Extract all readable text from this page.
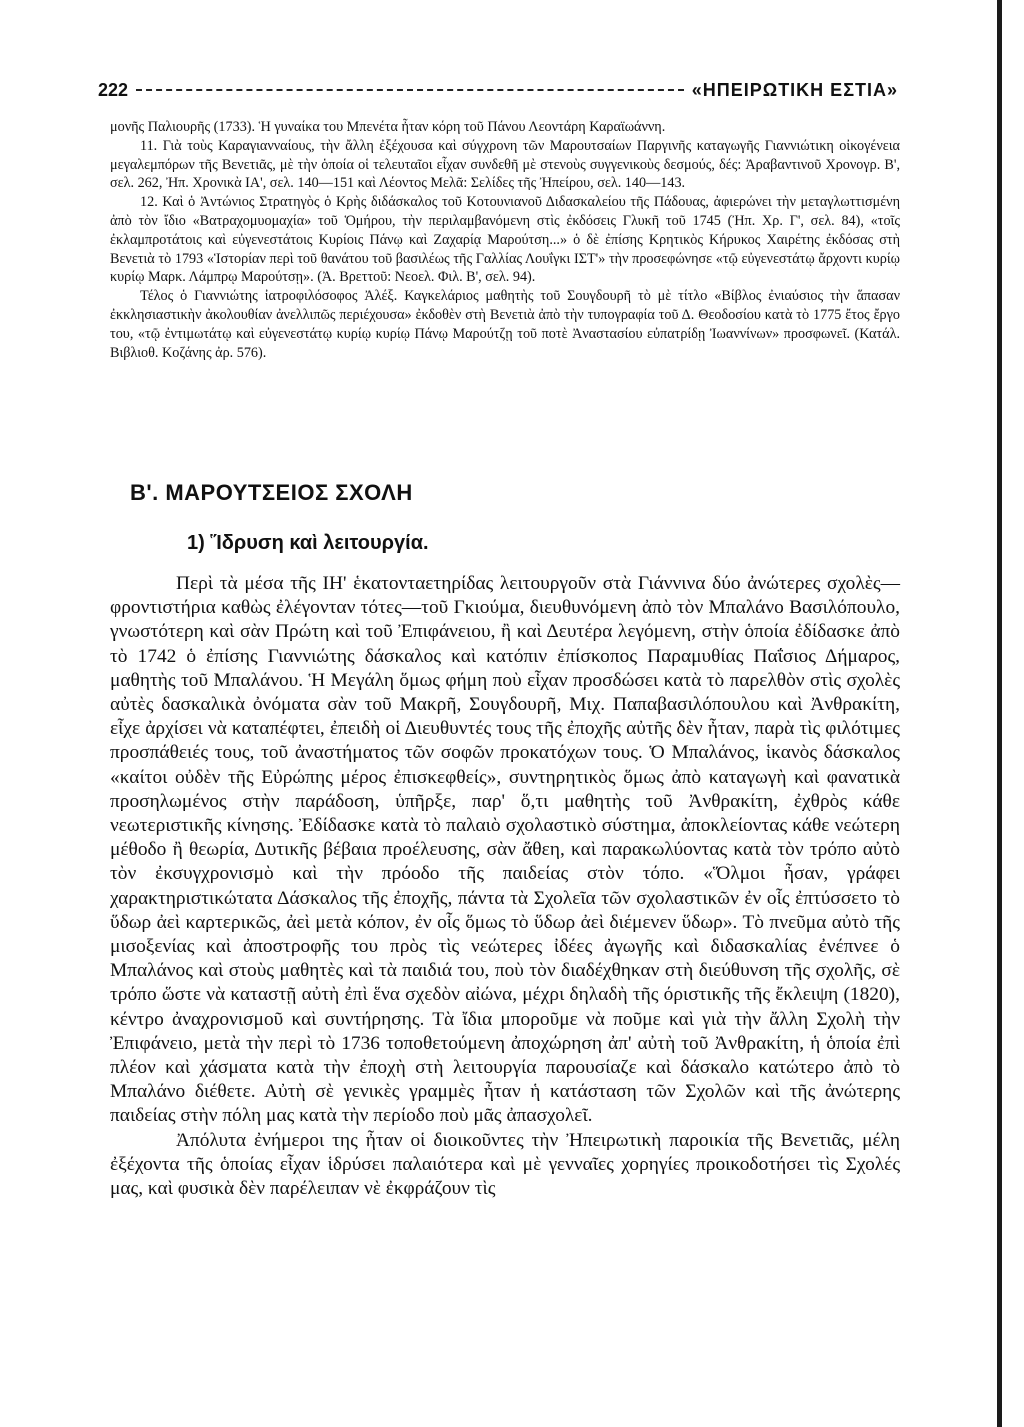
222	«ΗΠΕΙΡΩΤΙΚΗ ΕΣΤΙΑ»

μονῆς Παλιουρῆς (1733). Ἡ γυναίκα του Μπενέτα ἦταν κόρη τοῦ Πάνου Λεοντάρη Καραϊωάννη.

11. Γιὰ τοὺς Καραγιανναίους, τὴν ἄλλη ἐξέχουσα καὶ σύγχρονη τῶν Μαρουτσαίων Παργινῆς καταγωγῆς Γιαννιώτικη οἰκογένεια μεγαλεμπόρων τῆς Βενετιᾶς, μὲ τὴν ὁποία οἱ τελευταῖοι εἶχαν συνδεθῆ μὲ στενοὺς συγγενικοὺς δεσμούς, δές: Ἀραβαντινοῦ Χρονογρ. Β', σελ. 262, Ἠπ. Χρονικὰ ΙΑ', σελ. 140—151 καὶ Λέοντος Μελᾶ: Σελίδες τῆς Ἠπείρου, σελ. 140—143.

12. Καὶ ὁ Ἀντώνιος Στρατηγὸς ὁ Κρὴς διδάσκαλος τοῦ Κοτουνιανοῦ Διδασκαλείου τῆς Πάδουας, ἀφιερώνει τὴν μεταγλωττισμένη ἀπὸ τὸν ἴδιο «Βατραχομυομαχία» τοῦ Ὁμήρου, τὴν περιλαμβανόμενη στὶς ἐκδόσεις Γλυκῆ τοῦ 1745 (Ἠπ. Χρ. Γ', σελ. 84), «τοῖς ἐκλαμπροτάτοις καὶ εὐγενεστάτοις Κυρίοις Πάνῳ καὶ Ζαχαρίᾳ Μαρούτση...» ὁ δὲ ἐπίσης Κρητικὸς Κήρυκος Χαιρέτης ἐκδόσας στὴ Βενετιὰ τὸ 1793 «Ἱστορίαν περὶ τοῦ θανάτου τοῦ βασιλέως τῆς Γαλλίας Λουΐγκι ΙΣΤ'» τὴν προσεφώνησε «τῷ εὐγενεστάτῳ ἄρχοντι κυρίῳ κυρίῳ Μαρκ. Λάμπρῳ Μαρούτσῃ». (Ἀ. Βρεττοῦ: Νεοελ. Φιλ. Β', σελ. 94).

Τέλος ὁ Γιαννιώτης ἰατροφιλόσοφος Ἀλέξ. Καγκελάριος μαθητὴς τοῦ Σουγδουρῆ τὸ μὲ τίτλο «Βίβλος ἐνιαύσιος τὴν ἅπασαν ἐκκλησιαστικὴν ἀκολουθίαν ἀνελλιπῶς περιέχουσα» ἐκδοθὲν στὴ Βενετιὰ ἀπὸ τὴν τυπογραφία τοῦ Δ. Θεοδοσίου κατὰ τὸ 1775 ἔτος ἔργο του, «τῷ ἐντιμωτάτῳ καὶ εὐγενεστάτῳ κυρίῳ κυρίῳ Πάνῳ Μαρούτζῃ τοῦ ποτὲ Ἀναστασίου εὐπατρίδῃ Ἰωαννίνων» προσφωνεῖ. (Κατάλ. Βιβλιοθ. Κοζάνης ἀρ. 576).

Β'. ΜΑΡΟΥΤΣΕΙΟΣ ΣΧΟΛΗ
1) Ἵδρυση καὶ λειτουργία.

Περὶ τὰ μέσα τῆς ΙΗ' ἑκατονταετηρίδας λειτουργοῦν στὰ Γιάννινα δύο ἀνώτερες σχολὲς—φροντιστήρια καθὼς ἐλέγονταν τότες—τοῦ Γκιούμα, διευθυνόμενη ἀπὸ τὸν Μπαλάνο Βασιλόπουλο, γνωστότερη καὶ σὰν Πρώτη καὶ τοῦ Ἐπιφάνειου, ἢ καὶ Δευτέρα λεγόμενη, στὴν ὁποία ἐδίδασκε ἀπὸ τὸ 1742 ὁ ἐπίσης Γιαννιώτης δάσκαλος καὶ κατόπιν ἐπίσκοπος Παραμυθίας Παΐσιος Δήμαρος, μαθητὴς τοῦ Μπαλάνου. Ἡ Μεγάλη ὅμως φήμη ποὺ εἶχαν προσδώσει κατὰ τὸ παρελθὸν στὶς σχολὲς αὐτὲς δασκαλικὰ ὀνόματα σὰν τοῦ Μακρῆ, Σουγδουρῆ, Μιχ. Παπαβασιλόπουλου καὶ Ἀνθρακίτη, εἶχε ἀρχίσει νὰ καταπέφτει, ἐπειδὴ οἱ Διευθυντές τους τῆς ἐποχῆς αὐτῆς δὲν ἦταν, παρὰ τὶς φιλότιμες προσπάθειές τους, τοῦ ἀναστήματος τῶν σοφῶν προκατόχων τους. Ὁ Μπαλάνος, ἱκανὸς δάσκαλος «καίτοι οὐδὲν τῆς Εὐρώπης μέρος ἐπισκεφθείς», συντηρητικὸς ὅμως ἀπὸ καταγωγὴ καὶ φανατικὰ προσηλωμένος στὴν παράδοση, ὑπῆρξε, παρ' ὅ,τι μαθητὴς τοῦ Ἀνθρακίτη, ἐχθρὸς κάθε νεωτεριστικῆς κίνησης. Ἐδίδασκε κατὰ τὸ παλαιὸ σχολαστικὸ σύστημα, ἀποκλείοντας κάθε νεώτερη μέθοδο ἢ θεωρία, Δυτικῆς βέβαια προέλευσης, σὰν ἄθεη, καὶ παρακωλύοντας κατὰ τὸν τρόπο αὐτὸ τὸν ἐκσυγχρονισμὸ καὶ τὴν πρόοδο τῆς παιδείας στὸν τόπο. «Ὅλμοι ἦσαν, γράφει χαρακτηριστικώτατα Δάσκαλος τῆς ἐποχῆς, πάντα τὰ Σχολεῖα τῶν σχολαστικῶν ἐν οἷς ἐπτύσσετο τὸ ὕδωρ ἀεὶ καρτερικῶς, ἀεὶ μετὰ κόπον, ἐν οἷς ὅμως τὸ ὕδωρ ἀεὶ διέμενεν ὕδωρ». Τὸ πνεῦμα αὐτὸ τῆς μισοξενίας καὶ ἀποστροφῆς του πρὸς τὶς νεώτερες ἰδέες ἀγωγῆς καὶ διδασκαλίας ἐνέπνεε ὁ Μπαλάνος καὶ στοὺς μαθητὲς καὶ τὰ παιδιά του, ποὺ τὸν διαδέχθηκαν στὴ διεύθυνση τῆς σχολῆς, σὲ τρόπο ὥστε νὰ καταστῇ αὐτὴ ἐπὶ ἕνα σχεδὸν αἰώνα, μέχρι δηλαδὴ τῆς όριστικῆς τῆς ἔκλειψη (1820), κέντρο ἀναχρονισμοῦ καὶ συντήρησης. Τὰ ἴδια μποροῦμε νὰ ποῦμε καὶ γιὰ τὴν ἄλλη Σχολὴ τὴν Ἐπιφάνειο, μετὰ τὴν περὶ τὸ 1736 τοποθετούμενη ἀποχώρηση ἀπ' αὐτὴ τοῦ Ἀνθρακίτη, ἡ ὁποία ἐπὶ πλέον καὶ χάσματα κατὰ τὴν ἐποχὴ στὴ λειτουργία παρουσίαζε καὶ δάσκαλο κατώτερο ἀπὸ τὸ Μπαλάνο διέθετε. Αὐτὴ σὲ γενικὲς γραμμὲς ἦταν ἡ κατάσταση τῶν Σχολῶν καὶ τῆς ἀνώτερης παιδείας στὴν πόλη μας κατὰ τὴν περίοδο ποὺ μᾶς ἀπασχολεῖ.

Ἀπόλυτα ἐνήμεροι της ἦταν οἱ διοικοῦντες τὴν Ἠπειρωτικὴ παροικία τῆς Βενετιᾶς, μέλη ἐξέχοντα τῆς ὁποίας εἶχαν ἱδρύσει παλαιότερα καὶ μὲ γενναῖες χορηγίες προικοδοτήσει τὶς Σχολές μας, καὶ φυσικὰ δὲν παρέλειπαν νὲ ἐκφράζουν τὶς
